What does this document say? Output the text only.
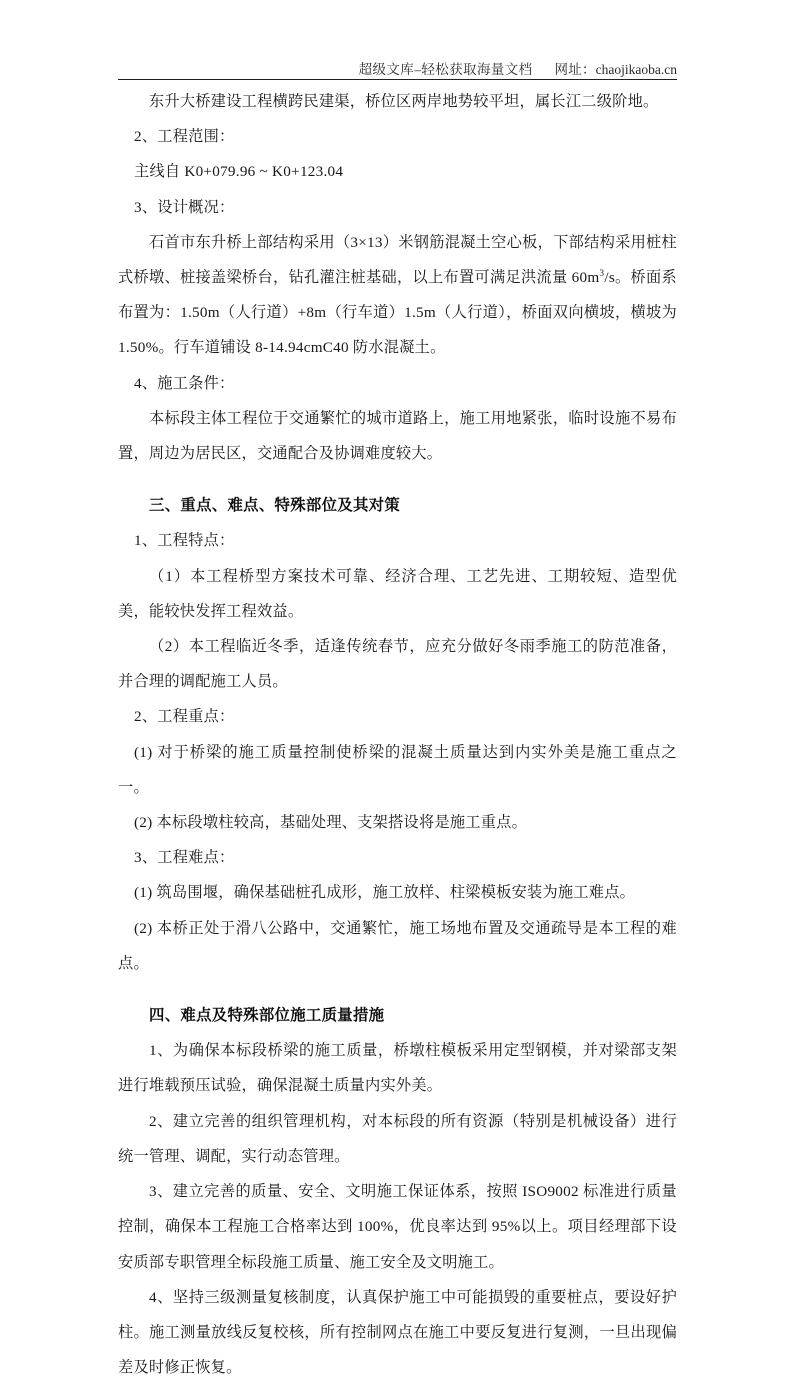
超级文库–轻松获取海量文档 网址：chaojikaoba.cn

东升大桥建设工程横跨民建渠，桥位区两岸地势较平坦，属长江二级阶地。

2、工程范围：

主线自 K0+079.96 ~ K0+123.04

3、设计概况：

石首市东升桥上部结构采用（3×13）米钢筋混凝土空心板，下部结构采用桩柱式桥墩、桩接盖梁桥台，钻孔灌注桩基础，以上布置可满足洪流量 $60m^3/s$。桥面系布置为：1.50m（人行道）+8m（行车道）1.5m（人行道），桥面双向横坡，横坡为 1.50%。行车道铺设 8-14.94cmC40 防水混凝土。

4、施工条件：

本标段主体工程位于交通繁忙的城市道路上，施工用地紧张，临时设施不易布置，周边为居民区，交通配合及协调难度较大。

三、重点、难点、特殊部位及其对策

1、工程特点：

（1）本工程桥型方案技术可靠、经济合理、工艺先进、工期较短、造型优美，能较快发挥工程效益。

（2）本工程临近冬季，适逢传统春节，应充分做好冬雨季施工的防范准备，并合理的调配施工人员。

2、工程重点：

(1) 对于桥梁的施工质量控制使桥梁的混凝土质量达到内实外美是施工重点之一。

(2) 本标段墩柱较高，基础处理、支架搭设将是施工重点。

3、工程难点：

(1) 筑岛围堰，确保基础桩孔成形，施工放样、柱梁模板安装为施工难点。

(2) 本桥正处于滑八公路中，交通繁忙，施工场地布置及交通疏导是本工程的难点。

四、难点及特殊部位施工质量措施

1、为确保本标段桥梁的施工质量，桥墩柱模板采用定型钢模，并对梁部支架进行堆载预压试验，确保混凝土质量内实外美。

2、建立完善的组织管理机构，对本标段的所有资源（特别是机械设备）进行统一管理、调配，实行动态管理。

3、建立完善的质量、安全、文明施工保证体系，按照 ISO9002 标准进行质量控制，确保本工程施工合格率达到 100%，优良率达到 95%以上。项目经理部下设安质部专职管理全标段施工质量、施工安全及文明施工。

4、坚持三级测量复核制度，认真保护施工中可能损毁的重要桩点，要设好护柱。施工测量放线反复校核，所有控制网点在施工中要反复进行复测，一旦出现偏差及时修正恢复。
